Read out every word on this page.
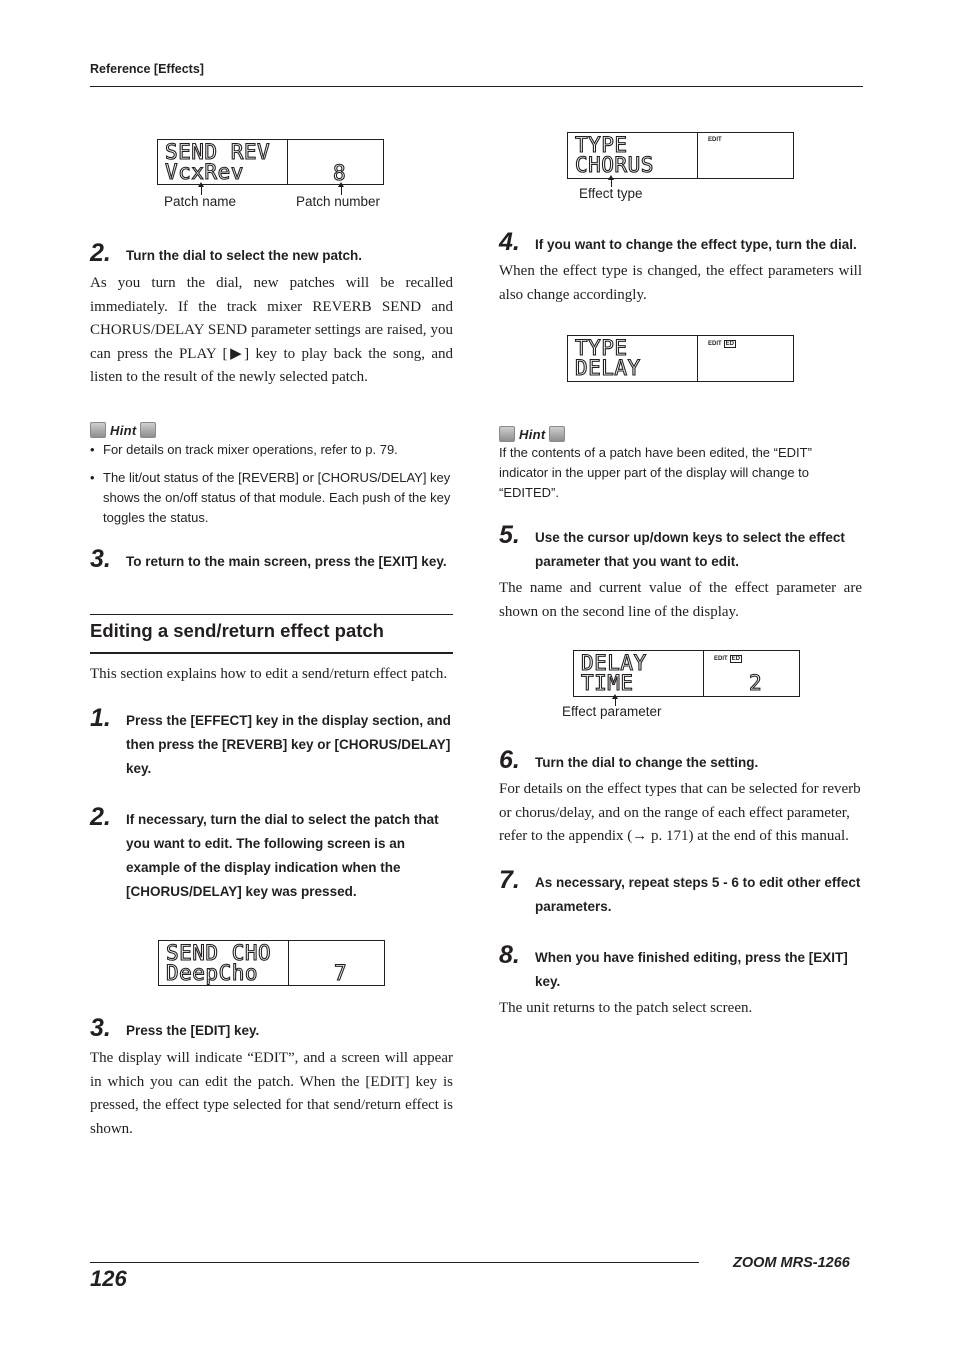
Reference [Effects]
SEND REV
VcxRev	8
Patch name	Patch number
2. Turn the dial to select the new patch.
As you turn the dial, new patches will be recalled immediately. If the track mixer REVERB SEND and CHORUS/DELAY SEND parameter settings are raised, you can press the PLAY [▶] key to play back the song, and listen to the result of the newly selected patch.
Hint
• For details on track mixer operations, refer to p. 79.
• The lit/out status of the [REVERB] or [CHORUS/DELAY] key shows the on/off status of that module. Each push of the key toggles the status.
3. To return to the main screen, press the [EXIT] key.
Editing a send/return effect patch
This section explains how to edit a send/return effect patch.
1. Press the [EFFECT] key in the display section, and then press the [REVERB] key or [CHORUS/DELAY] key.
2. If necessary, turn the dial to select the patch that you want to edit. The following screen is an example of the display indication when the [CHORUS/DELAY] key was pressed.
SEND CHO
DeepCho	7
3. Press the [EDIT] key.
The display will indicate “EDIT”, and a screen will appear in which you can edit the patch. When the [EDIT] key is pressed, the effect type selected for that send/return effect is shown.
TYPE
CHORUS
EDIT
Effect type
4. If you want to change the effect type, turn the dial.
When the effect type is changed, the effect parameters will also change accordingly.
TYPE
DELAY
EDIT ED
Hint
If the contents of a patch have been edited, the “EDIT” indicator in the upper part of the display will change to “EDITED”.
5. Use the cursor up/down keys to select the effect parameter that you want to edit.
The name and current value of the effect parameter are shown on the second line of the display.
DELAY
TIME
EDIT ED
2
Effect parameter
6. Turn the dial to change the setting.
For details on the effect types that can be selected for reverb or chorus/delay, and on the range of each effect parameter, refer to the appendix (→ p. 171) at the end of this manual.
7. As necessary, repeat steps 5 - 6 to edit other effect parameters.
8. When you have finished editing, press the [EXIT] key.
The unit returns to the patch select screen.
ZOOM MRS-1266
126
